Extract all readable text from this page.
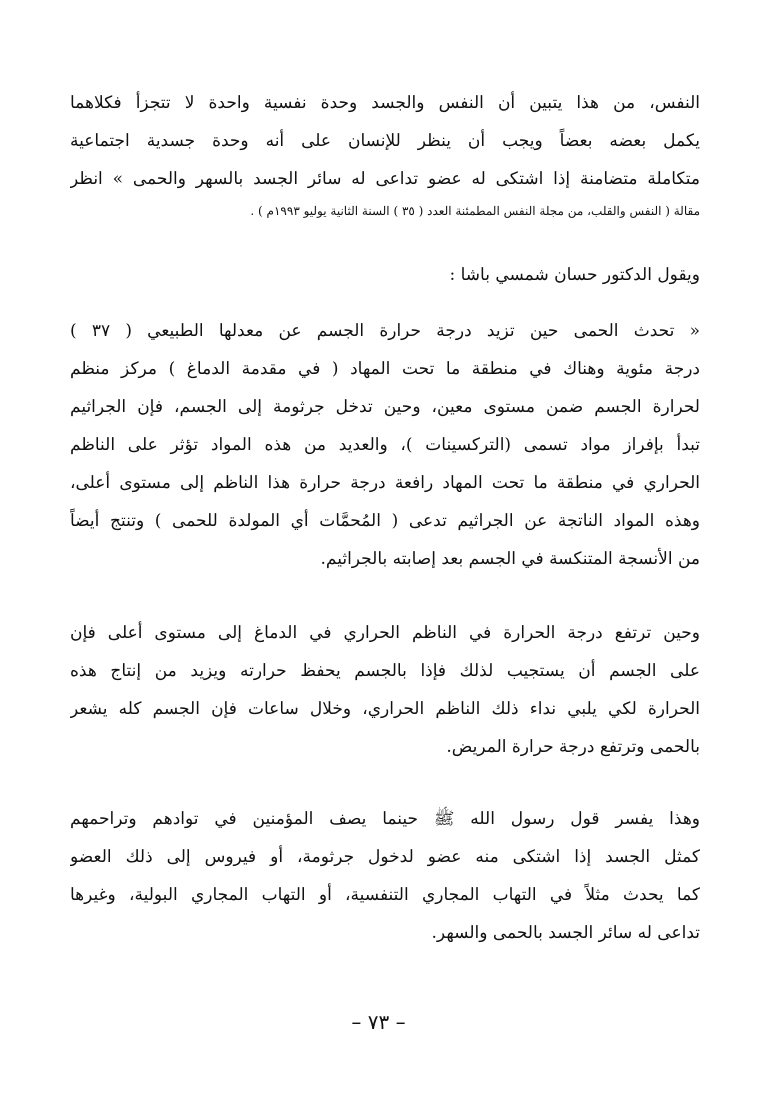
النفس، من هذا يتبين أن النفس والجسد وحدة نفسية واحدة لا تتجزأ فكلاهما
يكمل بعضه بعضاً ويجب أن ينظر للإنسان على أنه وحدة جسدية اجتماعية
متكاملة متضامنة إذا اشتكى له عضو تداعى له سائر الجسد بالسهر والحمى » انظر
مقالة ( النفس والقلب، من مجلة النفس المطمئنة العدد ( ٣٥ ) السنة الثانية يوليو ١٩٩٣م ) .
ويقول الدكتور حسان شمسي باشا :
« تحدث الحمى حين تزيد درجة حرارة الجسم عن معدلها الطبيعي ( ٣٧ )
درجة مئوية وهناك في منطقة ما تحت المهاد ( في مقدمة الدماغ ) مركز منظم
لحرارة الجسم ضمن مستوى معين، وحين تدخل جرثومة إلى الجسم، فإن الجراثيم
تبدأ بإفراز مواد تسمى (التركسينات )، والعديد من هذه المواد تؤثر على الناظم
الحراري في منطقة ما تحت المهاد رافعة درجة حرارة هذا الناظم إلى مستوى أعلى،
وهذه المواد الناتجة عن الجراثيم تدعى ( المُحمَّات أي المولدة للحمى ) وتنتج أيضاً
من الأنسجة المتنكسة في الجسم بعد إصابته بالجراثيم.
وحين ترتفع درجة الحرارة في الناظم الحراري في الدماغ إلى مستوى أعلى فإن
على الجسم أن يستجيب لذلك فإذا بالجسم يحفظ حرارته ويزيد من إنتاج هذه
الحرارة لكي يلبي نداء ذلك الناظم الحراري، وخلال ساعات فإن الجسم كله يشعر
بالحمى وترتفع درجة حرارة المريض.
وهذا يفسر قول رسول الله ﷺ حينما يصف المؤمنين في توادهم وتراحمهم
كمثل الجسد إذا اشتكى منه عضو لدخول جرثومة، أو فيروس إلى ذلك العضو
كما يحدث مثلاً في التهاب المجاري التنفسية، أو التهاب المجاري البولية، وغيرها
تداعى له سائر الجسد بالحمى والسهر.
– ٧٣ –
